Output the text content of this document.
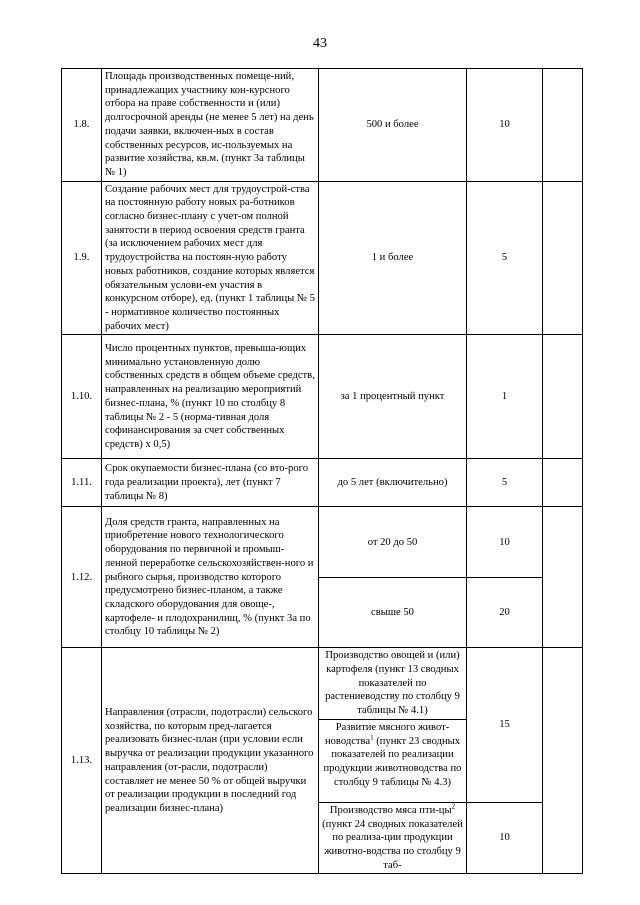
43
1.8.	Площадь производственных помеще-ний, принадлежащих участнику кон-курсного отбора на праве собственности и (или) долгосрочной аренды (не менее 5 лет) на день подачи заявки, включен-ных в состав собственных ресурсов, ис-пользуемых на развитие хозяйства, кв.м. (пункт 3а таблицы № 1)	500 и более	10	
1.9.	Создание рабочих мест для трудоустрой-ства на постоянную работу новых ра-ботников согласно бизнес-плану с учет-ом полной занятости в период освоения средств гранта (за исключением рабочих мест для трудоустройства на постоян-ную работу новых работников, создание которых является обязательным услови-ем участия в конкурсном отборе), ед. (пункт 1 таблицы № 5 - нормативное количество постоянных рабочих мест)	1 и более	5	
1.10.	Число процентных пунктов, превыша-ющих минимально установленную долю собственных средств в общем объеме средств, направленных на реализацию мероприятий бизнес-плана, % (пункт 10 по столбцу 8 таблицы № 2 - 5 (норма-тивная доля софинансирования за счет собственных средств) х 0,5)	за 1 процентный пункт	1	
1.11.	Срок окупаемости бизнес-плана (со вто-рого года реализации проекта), лет (пункт 7 таблицы № 8)	до 5 лет (включительно)	5	
1.12.	Доля средств гранта, направленных на приобретение нового технологического оборудования по первичной и промыш-ленной переработке сельскохозяйствен-ного и рыбного сырья, производство которого предусмотрено бизнес-планом, а также складского оборудования для овоще-, картофеле- и плодохранилищ, % (пункт 3а по столбцу 10 таблицы № 2)	от 20 до 50	10	
		свыше 50	20	
1.13.	Направления (отрасли, подотрасли) сельского хозяйства, по которым пред-лагается реализовать бизнес-план (при условии если выручка от реализации продукции указанного направления (от-расли, подотрасли) составляет не менее 50 % от общей выручки от реализации продукции в последний год реализации бизнес-плана)	Производство овощей и (или) картофеля (пункт 13 сводных показателей по растениеводству по столбцу 9 таблицы № 4.1)	15	
		Развитие мясного живот-новодства$^1$ (пункт 23 сводных показателей по реализации продукции животноводства по столбцу 9 таблицы № 4.3)		
		Производство мяса пти-$цы^2$ (пункт 24 сводных показателей по реализа-ции продукции животно-водства по столбцу 9 таб-	10	
